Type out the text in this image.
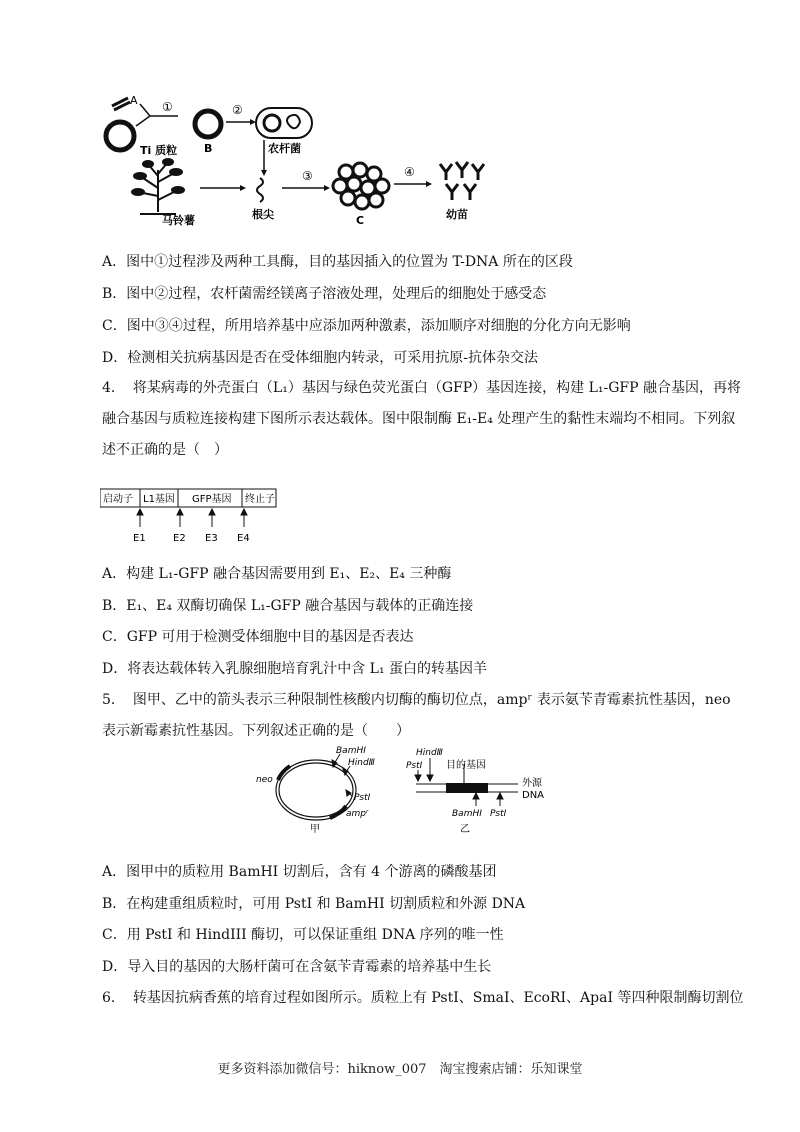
A
Ti 质粒
①
B
②
农杆菌
马铃薯	根尖
③
C
④
幼苗
A．图中①过程涉及两种工具酶，目的基因插入的位置为 T-DNA 所在的区段
B．图中②过程，农杆菌需经镁离子溶液处理，处理后的细胞处于感受态
C．图中③④过程，所用培养基中应添加两种激素，添加顺序对细胞的分化方向无影响
D．检测相关抗病基因是否在受体细胞内转录，可采用抗原-抗体杂交法
4． 将某病毒的外壳蛋白（L₁）基因与绿色荧光蛋白（GFP）基因连接，构建 L₁-GFP 融合基因，再将
融合基因与质粒连接构建下图所示表达载体。图中限制酶 E₁-E₄ 处理产生的黏性末端均不相同。下列叙
述不正确的是（　）
启动子 L1基因 GFP基因 终止子
E1	E2 E3 E4
A．构建 L₁-GFP 融合基因需要用到 E₁、E₂、E₄ 三种酶
B．E₁、E₄ 双酶切确保 L₁-GFP 融合基因与载体的正确连接
C．GFP 可用于检测受体细胞中目的基因是否表达
D．将表达载体转入乳腺细胞培育乳汁中含 L₁ 蛋白的转基因羊
5． 图甲、乙中的箭头表示三种限制性核酸内切酶的酶切位点，ampʳ 表示氨苄青霉素抗性基因，neo
表示新霉素抗性基因。下列叙述正确的是（　　）
BamHⅠ
HindⅢ
PstⅠ
neo
ampʳ
甲
HindⅢ
PstⅠ 目的基因
外源
DNA
BamHⅠ PstⅠ
乙
A．图甲中的质粒用 BamHI 切割后，含有 4 个游离的磷酸基团
B．在构建重组质粒时，可用 PstI 和 BamHI 切割质粒和外源 DNA
C．用 PstI 和 HindIII 酶切，可以保证重组 DNA 序列的唯一性
D．导入目的基因的大肠杆菌可在含氨苄青霉素的培养基中生长
6． 转基因抗病香蕉的培育过程如图所示。质粒上有 PstI、SmaI、EcoRI、ApaI 等四种限制酶切割位
更多资料添加微信号：hiknow_007　淘宝搜索店铺：乐知课堂
